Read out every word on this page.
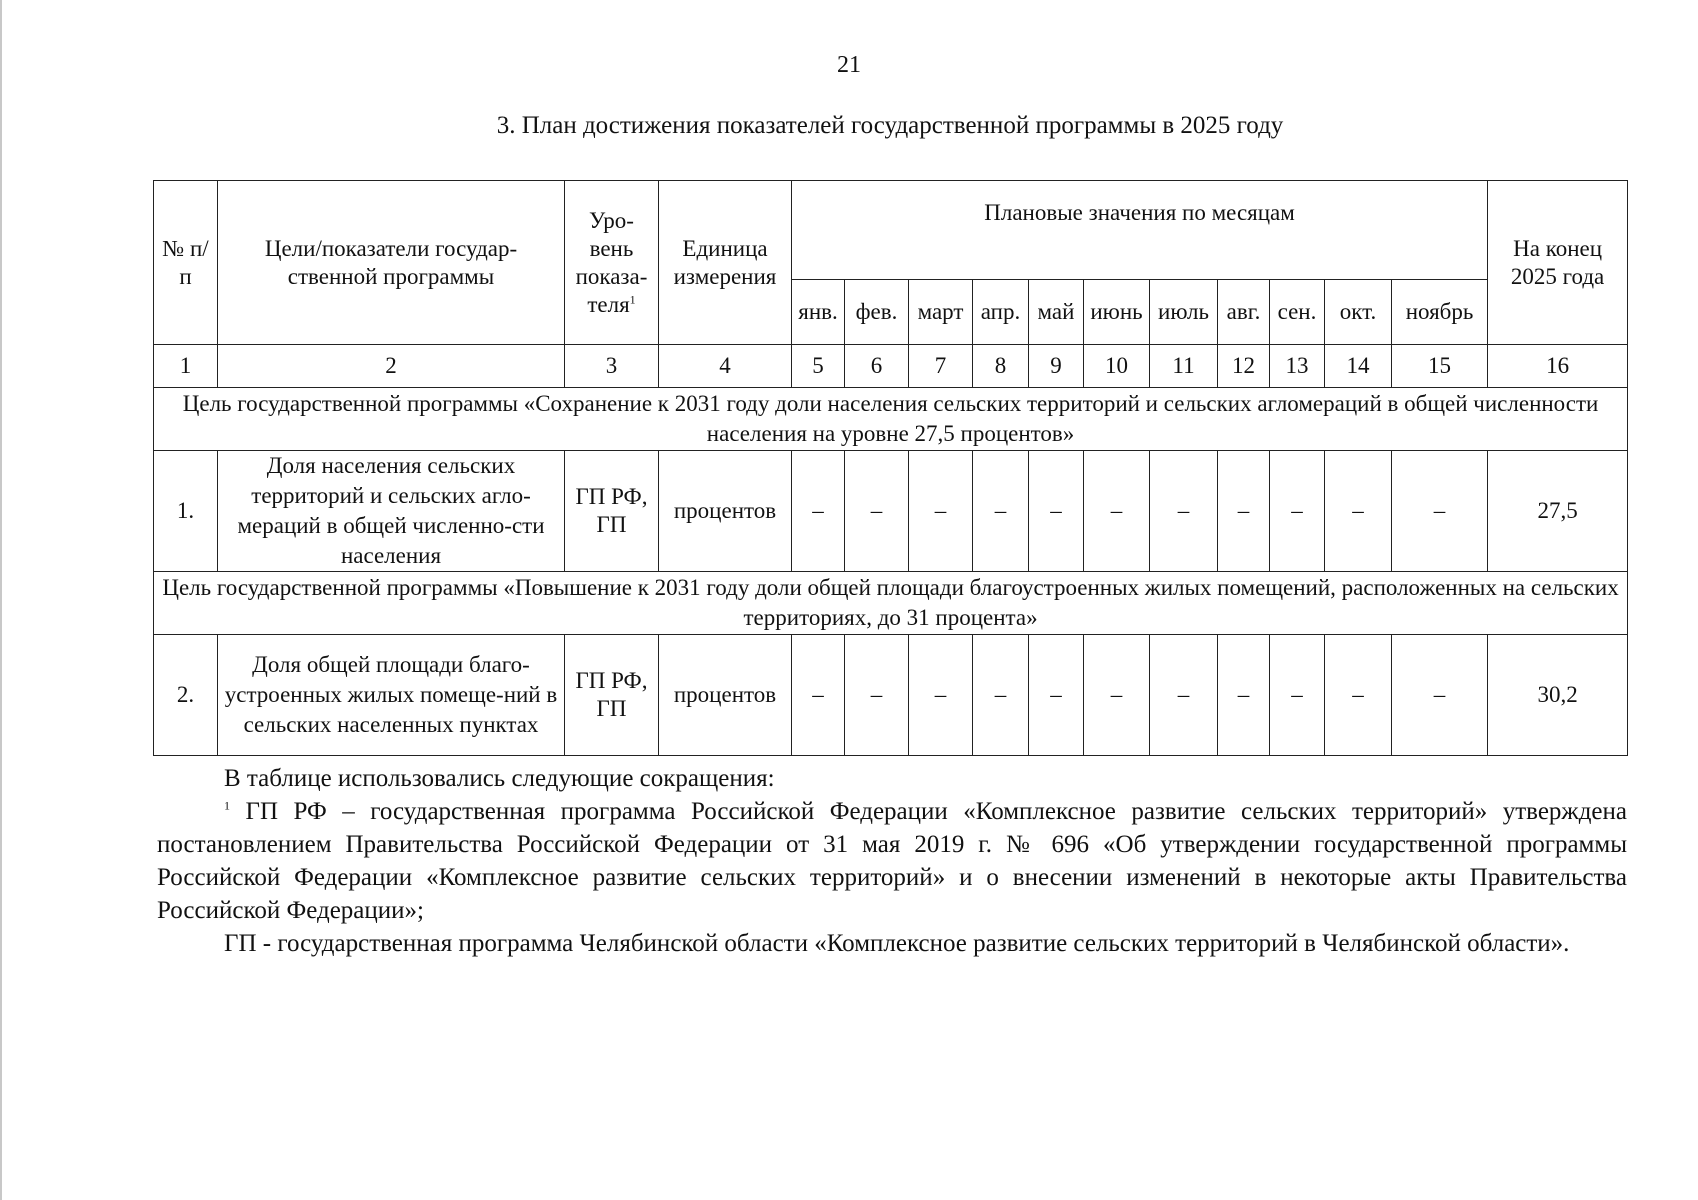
21
3. План достижения показателей государственной программы в 2025 году
№ п/п	Цели/показатели государ-ственной программы	Уро-вень показа-теля$^1$	Единица измерения	Плановые значения по месяцам											На конец 2025 года
				янв.	фев.	март	апр.	май	июнь	июль	авг.	сен.	окт.	ноябрь	
1	2	3	4	5	6	7	8	9	10	11	12	13	14	15	16
Цель государственной программы «Сохранение к 2031 году доли населения сельских территорий и сельских агломераций в общей численности населения на уровне 27,5 процентов»															
1.	Доля населения сельских территорий и сельских агло-мераций в общей численно-сти населения	ГП РФ, ГП	процентов	–	–	–	–	–	–	–	–	–	–	–	27,5
Цель государственной программы «Повышение к 2031 году доли общей площади благоустроенных жилых помещений, расположенных на сельских территориях, до 31 процента»															
2.	Доля общей площади благо-устроенных жилых помеще-ний в сельских населенных пунктах	ГП РФ, ГП	процентов	–	–	–	–	–	–	–	–	–	–	–	30,2

В таблице использовались следующие сокращения:

$^1$ ГП РФ – государственная программа Российской Федерации «Комплексное развитие сельских территорий» утверждена постановлением Правительства Российской Федерации от 31 мая 2019 г. № 696 «Об утверждении государственной программы Российской Федерации «Комплексное развитие сельских территорий» и о внесении изменений в некоторые акты Правительства Российской Федерации»;

ГП - государственная программа Челябинской области «Комплексное развитие сельских территорий в Челябинской области».
